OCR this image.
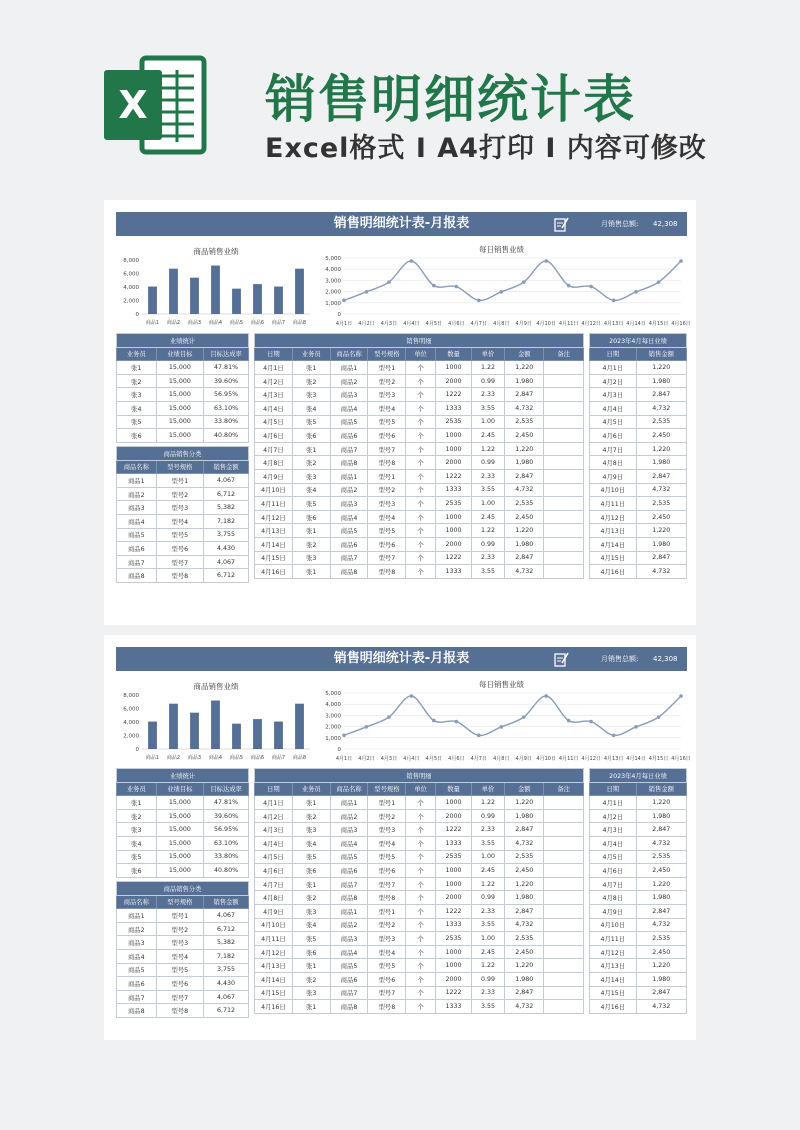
X 销售明细统计表
Excel格式 Ⅰ A4打印 Ⅰ 内容可修改
销售明细统计表-月报表	月销售总额: 42,308
商品销售业绩
0
2,000
4,000
6,000
8,000
商品1 商品2 商品3 商品4 商品5 商品6 商品7 商品8
每日销售业绩
0
1,000
2,000
3,000
4,000
5,000
4月1日 4月2日 4月3日 4月4日 4月5日 4月6日 4月7日 4月8日 4月9日 4月10日 4月11日 4月12日 4月13日 4月14日 4月15日 4月16日
业绩统计		
业务员	业绩目标	目标达成率
张1	15,000	47.81%
张2	15,000	39.60%
张3	15,000	56.95%
张4	15,000	63.10%
张5	15,000	33.80%
张6	15,000	40.80%
商品销售分类		
商品名称	型号规格	销售金额
商品1	型号1	4,067
商品2	型号2	6,712
商品3	型号3	5,382
商品4	型号4	7,182
商品5	型号5	3,755
商品6	型号6	4,430
商品7	型号7	4,067
商品8	型号8	6,712
销售明细								
日期	业务员	商品名称	型号规格	单位	数量	单价	金额	备注
4月1日	张1	商品1	型号1	个	1000	1.22	1,220	
4月2日	张2	商品2	型号2	个	2000	0.99	1,980	
4月3日	张3	商品3	型号3	个	1222	2.33	2,847	
4月4日	张4	商品4	型号4	个	1333	3.55	4,732	
4月5日	张5	商品5	型号5	个	2535	1.00	2,535	
4月6日	张6	商品6	型号6	个	1000	2.45	2,450	
4月7日	张1	商品7	型号7	个	1000	1.22	1,220	
4月8日	张2	商品8	型号8	个	2000	0.99	1,980	
4月9日	张3	商品1	型号1	个	1222	2.33	2,847	
4月10日	张4	商品2	型号2	个	1333	3.55	4,732	
4月11日	张5	商品3	型号3	个	2535	1.00	2,535	
4月12日	张6	商品4	型号4	个	1000	2.45	2,450	
4月13日	张1	商品5	型号5	个	1000	1.22	1,220	
4月14日	张2	商品6	型号6	个	2000	0.99	1,980	
4月15日	张3	商品7	型号7	个	1222	2.33	2,847	
4月16日	张1	商品8	型号8	个	1333	3.55	4,732	
2023年4月每日业绩	
日期	销售金额
4月1日	1,220
4月2日	1,980
4月3日	2,847
4月4日	4,732
4月5日	2,535
4月6日	2,450
4月7日	1,220
4月8日	1,980
4月9日	2,847
4月10日	4,732
4月11日	2,535
4月12日	2,450
4月13日	1,220
4月14日	1,980
4月15日	2,847
4月16日	4,732
销售明细统计表-月报表	月销售总额: 42,308
商品销售业绩
0
2,000
4,000
6,000
8,000
商品1 商品2 商品3 商品4 商品5 商品6 商品7 商品8
每日销售业绩
0
1,000
2,000
3,000
4,000
5,000
4月1日 4月2日 4月3日 4月4日 4月5日 4月6日 4月7日 4月8日 4月9日 4月10日 4月11日 4月12日 4月13日 4月14日 4月15日 4月16日
业绩统计		
业务员	业绩目标	目标达成率
张1	15,000	47.81%
张2	15,000	39.60%
张3	15,000	56.95%
张4	15,000	63.10%
张5	15,000	33.80%
张6	15,000	40.80%
商品销售分类		
商品名称	型号规格	销售金额
商品1	型号1	4,067
商品2	型号2	6,712
商品3	型号3	5,382
商品4	型号4	7,182
商品5	型号5	3,755
商品6	型号6	4,430
商品7	型号7	4,067
商品8	型号8	6,712
销售明细								
日期	业务员	商品名称	型号规格	单位	数量	单价	金额	备注
4月1日	张1	商品1	型号1	个	1000	1.22	1,220	
4月2日	张2	商品2	型号2	个	2000	0.99	1,980	
4月3日	张3	商品3	型号3	个	1222	2.33	2,847	
4月4日	张4	商品4	型号4	个	1333	3.55	4,732	
4月5日	张5	商品5	型号5	个	2535	1.00	2,535	
4月6日	张6	商品6	型号6	个	1000	2.45	2,450	
4月7日	张1	商品7	型号7	个	1000	1.22	1,220	
4月8日	张2	商品8	型号8	个	2000	0.99	1,980	
4月9日	张3	商品1	型号1	个	1222	2.33	2,847	
4月10日	张4	商品2	型号2	个	1333	3.55	4,732	
4月11日	张5	商品3	型号3	个	2535	1.00	2,535	
4月12日	张6	商品4	型号4	个	1000	2.45	2,450	
4月13日	张1	商品5	型号5	个	1000	1.22	1,220	
4月14日	张2	商品6	型号6	个	2000	0.99	1,980	
4月15日	张3	商品7	型号7	个	1222	2.33	2,847	
4月16日	张1	商品8	型号8	个	1333	3.55	4,732	
2023年4月每日业绩	
日期	销售金额
4月1日	1,220
4月2日	1,980
4月3日	2,847
4月4日	4,732
4月5日	2,535
4月6日	2,450
4月7日	1,220
4月8日	1,980
4月9日	2,847
4月10日	4,732
4月11日	2,535
4月12日	2,450
4月13日	1,220
4月14日	1,980
4月15日	2,847
4月16日	4,732
